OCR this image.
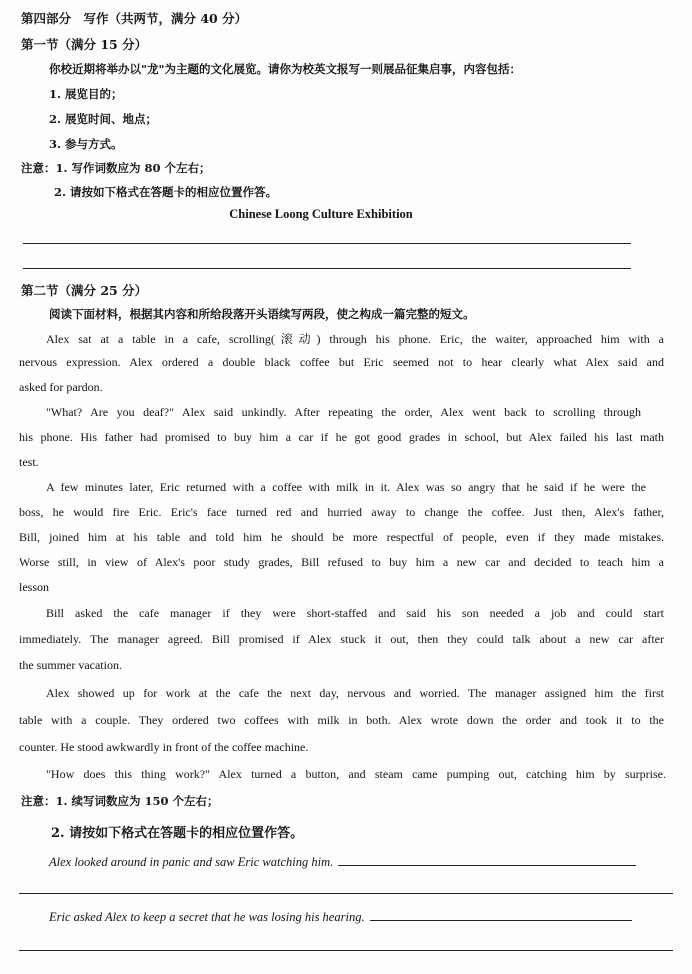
第四部分　写作（共两节，满分 40 分）
第一节（满分 15 分）
你校近期将举办以"龙"为主题的文化展览。请你为校英文报写一则展品征集启事，内容包括：
1. 展览目的；
2. 展览时间、地点；
3. 参与方式。
注意：1. 写作词数应为 80 个左右；
2. 请按如下格式在答题卡的相应位置作答。
Chinese Loong Culture Exhibition
第二节（满分 25 分）
阅读下面材料，根据其内容和所给段落开头语续写两段，使之构成一篇完整的短文。
Alex sat at a table in a cafe, scrolling(滚动) through his phone. Eric, the waiter, approached him with a
nervous expression. Alex ordered a double black coffee but Eric seemed not to hear clearly what Alex said and
asked for pardon.
"What? Are you deaf?" Alex said unkindly. After repeating the order, Alex went back to scrolling through
his phone. His father had promised to buy him a car if he got good grades in school, but Alex failed his last math
test.
A few minutes later, Eric returned with a coffee with milk in it. Alex was so angry that he said if he were the
boss, he would fire Eric. Eric's face turned red and hurried away to change the coffee. Just then, Alex's father,
Bill, joined him at his table and told him he should be more respectful of people, even if they made mistakes.
Worse still, in view of Alex's poor study grades, Bill refused to buy him a new car and decided to teach him a
lesson
Bill asked the cafe manager if they were short-staffed and said his son needed a job and could start
immediately. The manager agreed. Bill promised if Alex stuck it out, then they could talk about a new car after
the summer vacation.
Alex showed up for work at the cafe the next day, nervous and worried. The manager assigned him the first
table with a couple. They ordered two coffees with milk in both. Alex wrote down the order and took it to the
counter. He stood awkwardly in front of the coffee machine.
"How does this thing work?" Alex turned a button, and steam came pumping out, catching him by surprise.
注意：1. 续写词数应为 150 个左右；
2. 请按如下格式在答题卡的相应位置作答。
Alex looked around in panic and saw Eric watching him.
Eric asked Alex to keep a secret that he was losing his hearing.
